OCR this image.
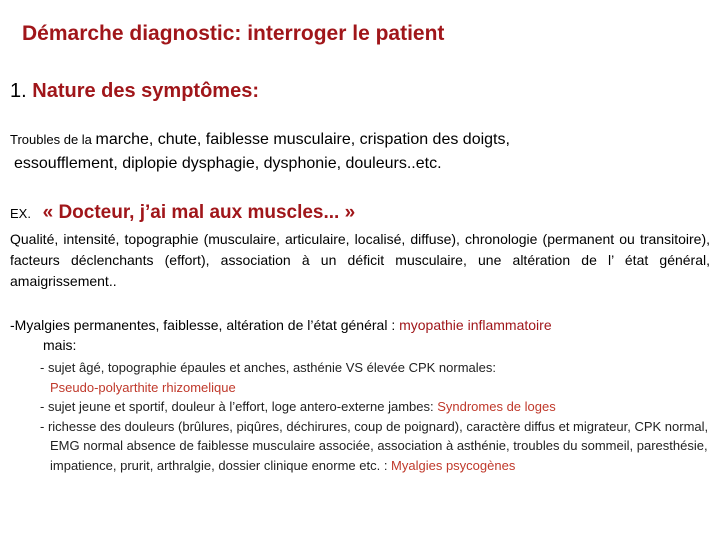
Démarche diagnostic: interroger le patient
1. Nature des symptômes:
Troubles de la marche, chute, faiblesse musculaire, crispation des doigts,
essoufflement, diplopie dysphagie, dysphonie, douleurs..etc.
EX. « Docteur, j’ai mal aux muscles... »
Qualité, intensité, topographie (musculaire, articulaire, localisé, diffuse), chronologie (permanent ou transitoire), facteurs déclenchants (effort), association à un déficit musculaire, une altération de l’ état général, amaigrissement..
-Myalgies permanentes, faiblesse, altération de l’état général : myopathie inflammatoire
mais:
- sujet âgé, topographie épaules et anches, asthénie VS élevée CPK normales:
Pseudo-polyarthite rhizomelique
- sujet jeune et sportif, douleur à l’effort, loge antero-externe jambes: Syndromes de loges
- richesse des douleurs (brûlures, piqûres, déchirures, coup de poignard), caractère diffus et migrateur, CPK normal, EMG normal absence de faiblesse musculaire associée, association à asthénie, troubles du sommeil, paresthésie, impatience, prurit, arthralgie, dossier clinique enorme etc. : Myalgies psycogènes
